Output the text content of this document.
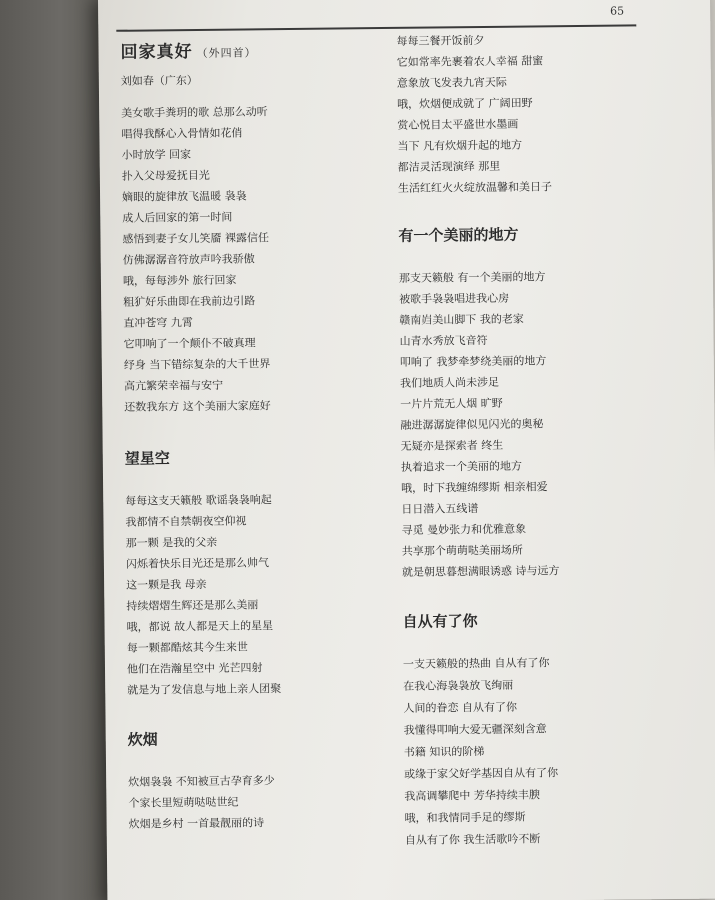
65
回家真好 （外四首）

刘如春（广东）

美女歌手粪玥的歌 总那么动听
唱得我酥心入骨情如花俏
小时放学 回家
扑入父母爱抚目光
嫡眼的旋律放飞温暖 袅袅
成人后回家的第一时间
感悟到妻子女儿笑靥 裸露信任
仿佛潺潺音符放声吟我骄傲
哦，每每涉外 旅行回家
粗犷好乐曲即在我前边引路
直冲苍穹 九霄
它叩响了一个颠仆不破真理
纾身 当下错综复杂的大千世界
高亢繁荣幸福与安宁
还数我东方 这个美丽大家庭好
望星空
每每这支天籁般 歌谣袅袅响起
我都情不自禁朝夜空仰视
那一颗 是我的父亲
闪烁着快乐目光还是那么帅气
这一颗是我 母亲
持续熠熠生辉还是那么美丽
哦，都说 故人都是天上的星星
每一颗都酷炫其今生来世
他们在浩瀚星空中 光芒四射
就是为了发信息与地上亲人团聚
炊烟
炊烟袅袅 不知被亘古孕育多少
个家长里短萌哒哒世纪
炊烟是乡村 一首最靓丽的诗
每每三餐开饭前夕
它如常率先裹着农人幸福 甜蜜
意象放飞发表九宵天际
哦，炊烟便成就了 广阔田野
赏心悦目太平盛世水墨画
当下 凡有炊烟升起的地方
都洁灵活现演绎 那里
生活红红火火绽放温馨和美日子
有一个美丽的地方
那支天籁般 有一个美丽的地方
被歌手袅袅唱进我心房
赣南岿美山脚下 我的老家
山青水秀放飞音符
叩响了 我梦牵梦绕美丽的地方
我们地质人尚未涉足
一片片荒无人烟 旷野
融进潺潺旋律似见闪光的奥秘
无疑亦是探索者 终生
执着追求一个美丽的地方
哦，时下我缠绵缪斯 相亲相爱
日日潜入五线谱
寻觅 曼妙张力和优雅意象
共享那个萌萌哒美丽场所
就是朝思暮想满眼诱惑 诗与远方
自从有了你
一支天籁般的热曲 自从有了你
在我心海袅袅放飞绚丽
人间的眷恋 自从有了你
我懂得叩响大爱无疆深刻含意
书籍 知识的阶梯
或缘于家父好学基因自从有了你
我高调攀爬中 芳华持续丰腴
哦，和我情同手足的缪斯
自从有了你 我生活歌吟不断
